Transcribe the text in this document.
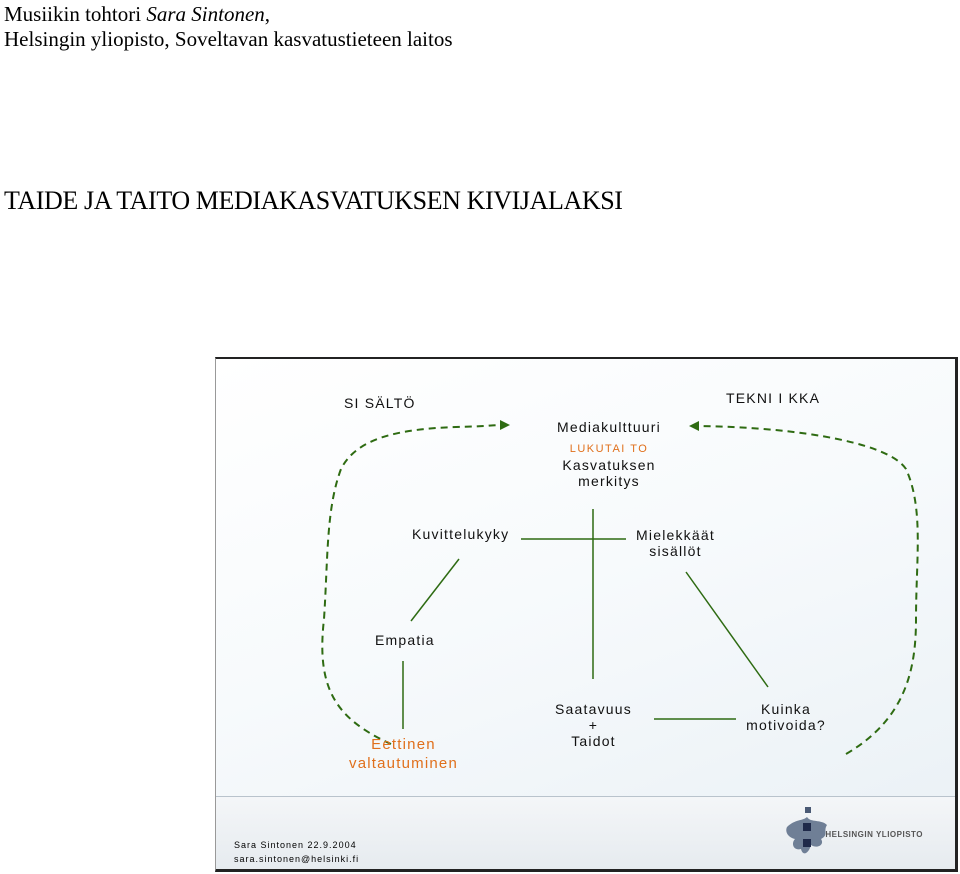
Musiikin tohtori Sara Sintonen,
Helsingin yliopisto, Soveltavan kasvatustieteen laitos
TAIDE JA TAITO MEDIAKASVATUKSEN KIVIJALAKSI
SI SÄLTÖ	TEKNI I KKA
Mediakulttuuri
LUKUTAI TO
Kasvatuksen
merkitys
Kuvittelukyky	Mielekkäät
sisällöt
Empatia
Eettinen
valtautuminen
Saatavuus
+
Taidot
Kuinka
motivoida?
Sara Sintonen 22.9.2004
sara.sintonen@helsinki.fi
HELSINGIN YLIOPISTO
